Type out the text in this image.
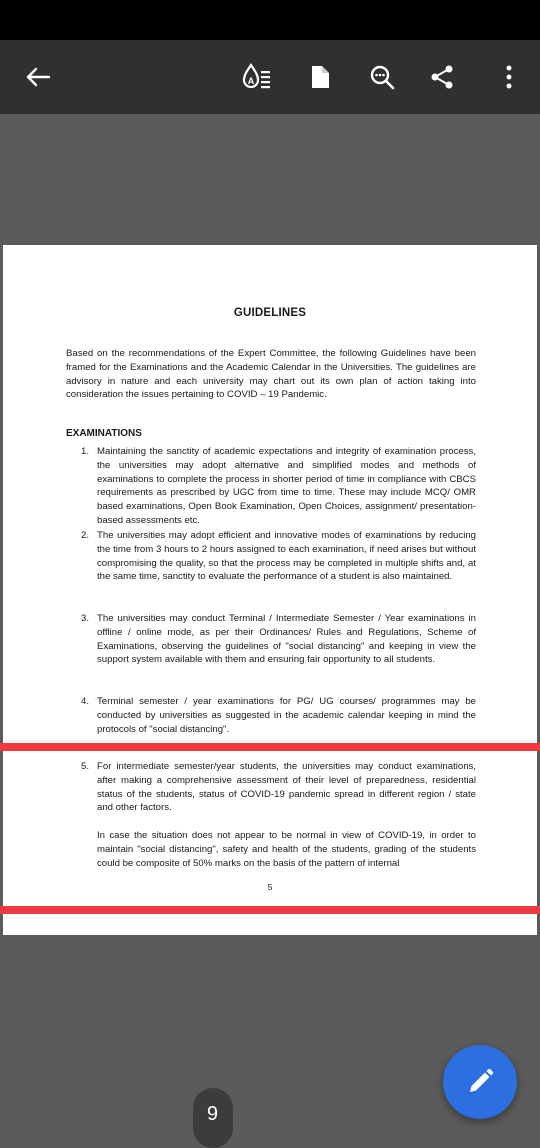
A
GUIDELINES
Based on the recommendations of the Expert Committee, the following Guidelines have been framed for the Examinations and the Academic Calendar in the Universities. The guidelines are advisory in nature and each university may chart out its own plan of action taking into consideration the issues pertaining to COVID – 19 Pandemic.
EXAMINATIONS
1. Maintaining the sanctity of academic expectations and integrity of examination process, the universities may adopt alternative and simplified modes and methods of examinations to complete the process in shorter period of time in compliance with CBCS requirements as prescribed by UGC from time to time. These may include MCQ/ OMR based examinations, Open Book Examination, Open Choices, assignment/ presentation-based assessments etc.
2. The universities may adopt efficient and innovative modes of examinations by reducing the time from 3 hours to 2 hours assigned to each examination, if need arises but without compromising the quality, so that the process may be completed in multiple shifts and, at the same time, sanctity to evaluate the performance of a student is also maintained.
3. The universities may conduct Terminal / Intermediate Semester / Year examinations in offline / online mode, as per their Ordinances/ Rules and Regulations, Scheme of Examinations, observing the guidelines of "social distancing" and keeping in view the support system available with them and ensuring fair opportunity to all students.
4. Terminal semester / year examinations for PG/ UG courses/ programmes may be conducted by universities as suggested in the academic calendar keeping in mind the protocols of "social distancing".
5. For intermediate semester/year students, the universities may conduct examinations, after making a comprehensive assessment of their level of preparedness, residential status of the students, status of COVID-19 pandemic spread in different region / state and other factors.
In case the situation does not appear to be normal in view of COVID-19, in order to maintain "social distancing", safety and health of the students, grading of the students could be composite of 50% marks on the basis of the pattern of internal
5
6
